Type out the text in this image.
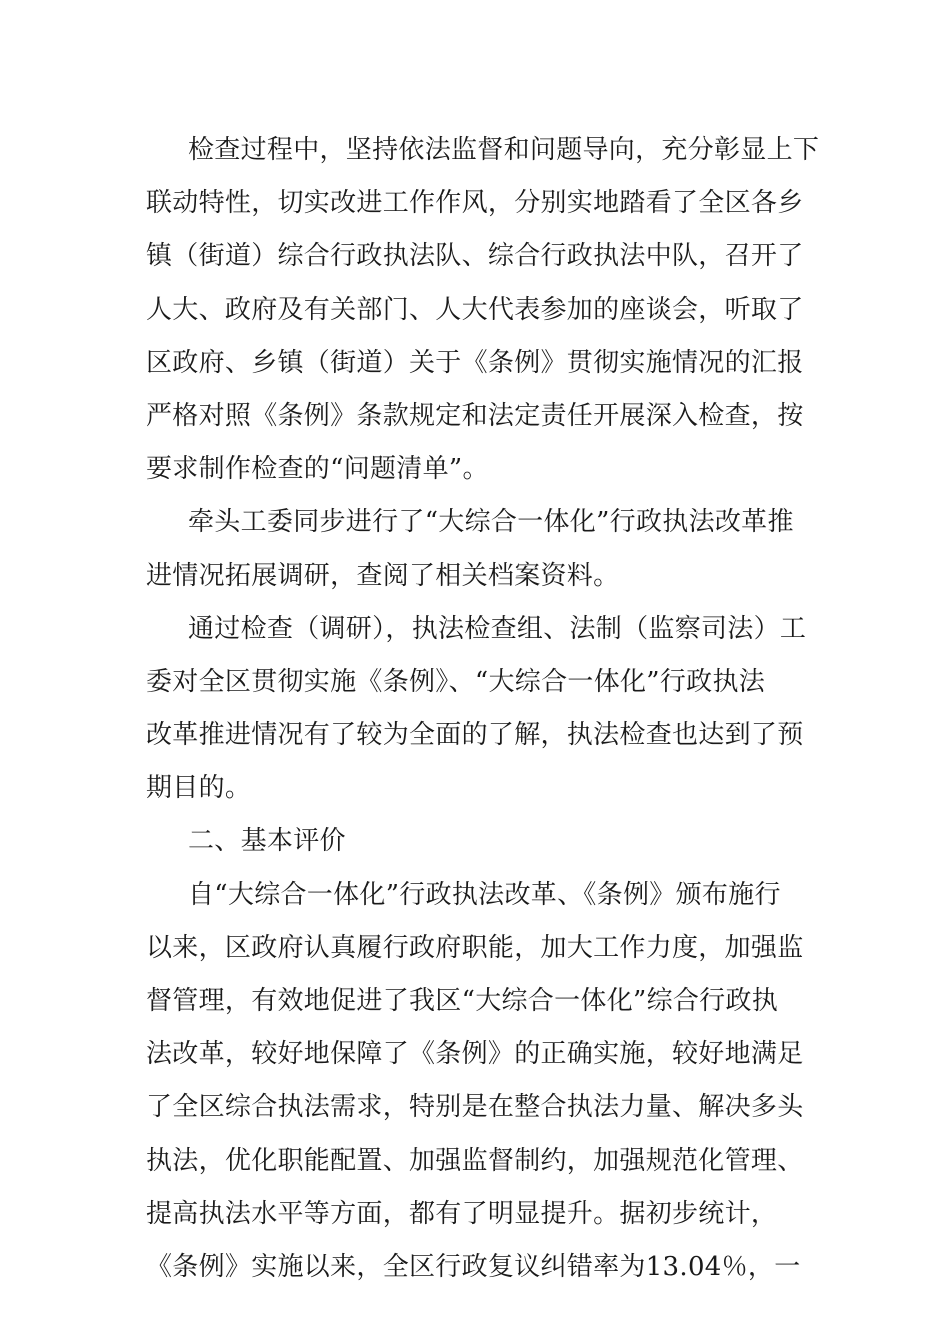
检查过程中，坚持依法监督和问题导向，充分彰显上下
联动特性，切实改进工作作风，分别实地踏看了全区各乡
镇（街道）综合行政执法队、综合行政执法中队，召开了
人大、政府及有关部门、人大代表参加的座谈会，听取了
区政府、乡镇（街道）关于《条例》贯彻实施情况的汇报
严格对照《条例》条款规定和法定责任开展深入检查，按
要求制作检查的“问题清单”。
牵头工委同步进行了“大综合一体化”行政执法改革推
进情况拓展调研，查阅了相关档案资料。
通过检查（调研），执法检查组、法制（监察司法）工
委对全区贯彻实施《条例》、“大综合一体化”行政执法
改革推进情况有了较为全面的了解，执法检查也达到了预
期目的。
二、基本评价
自“大综合一体化”行政执法改革、《条例》颁布施行
以来，区政府认真履行政府职能，加大工作力度，加强监
督管理，有效地促进了我区“大综合一体化”综合行政执
法改革，较好地保障了《条例》的正确实施，较好地满足
了全区综合执法需求，特别是在整合执法力量、解决多头
执法，优化职能配置、加强监督制约，加强规范化管理、
提高执法水平等方面，都有了明显提升。据初步统计，
《条例》实施以来，全区行政复议纠错率为13.04％，一
